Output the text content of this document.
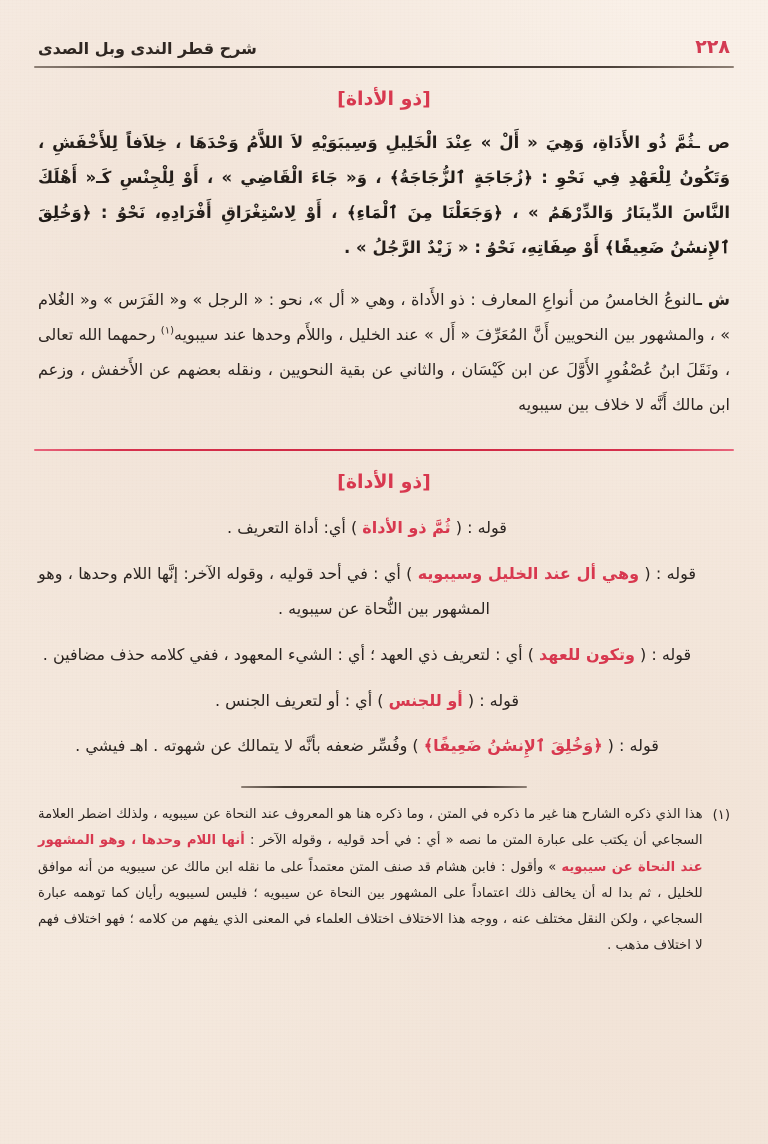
شرح قطر الندى وبل الصدى	٢٢٨
[ذو الأداة]
ص ـثُمَّ ذُو الأَدَاةِ، وَهِيَ « أَلْ » عِنْدَ الْخَلِيلِ وَسِيبَوَيْهِ لاَ اللاَّمُ وَحْدَهَا ، خِلاَفاً لِلأَخْفَشِ ، وَتَكُونُ لِلْعَهْدِ فِي نَحْوِ : ﴿زُجَاجَةٍ ٱلزُّجَاجَةُ﴾ ، وَ« جَاءَ الْقَاضِي » ، أَوْ لِلْجِنْسِ كَـ« أَهْلَكَ النَّاسَ الدِّينَارُ وَالدِّرْهَمُ » ، ﴿وَجَعَلْنَا مِنَ ٱلْمَاءِ﴾ ، أَوْ لِاسْتِغْرَاقِ أَفْرَادِهِ، نَحْوُ : ﴿وَخُلِقَ ٱلإِنسَٰنُ ضَعِيفًا﴾ أَوْ صِفَاتِهِ، نَحْوُ : « زَيْدٌ الرَّجُلُ » .
ش ـالنوعُ الخامسُ من أنواعِ المعارف : ذو الأَداة ، وهي « أل »، نحو : « الرجل » و« الفَرَس » و« الغُلام » ، والمشهور بين النحويين أَنَّ المُعَرِّفَ « أَل » عند الخليل ، واللأَم وحدها عند سيبويه$^{(١)}$ رحمهما الله تعالى ، ونَقَلَ ابنُ عُصْفُورٍ الأَوَّلَ عن ابن كَيْسَان ، والثاني عن بقية النحويين ، ونقله بعضهم عن الأَخفش ، وزعم ابن مالك أَنَّه لا خلاف بين سيبويه
[ذو الأداة]
قوله : ( ثُمَّ ذو الأداة ) أي: أداة التعريف .
قوله : ( وهي أل عند الخليل وسيبويه ) أي : في أحد قوليه ، وقوله الآخر: إنَّها اللام وحدها ، وهو المشهور بين النُّحاة عن سيبويه .
قوله : ( وتكون للعهد ) أي : لتعريف ذي العهد ؛ أي : الشيء المعهود ، ففي كلامه حذف مضافين .
قوله : ( أو للجنس ) أي : أو لتعريف الجنس .
قوله : ( ﴿وَخُلِقَ ٱلإِنسَٰنُ ضَعِيفًا﴾ ) وفُسِّر ضعفه بأنَّه لا يتمالك عن شهوته . اهـ فيشي .
(١)
هذا الذي ذكره الشارح هنا غير ما ذكره في المتن ، وما ذكره هنا هو المعروف عند النحاة عن سيبويه ، ولذلك اضطر العلامة السجاعي أن يكتب على عبارة المتن ما نصه « أي : في أحد قوليه ، وقوله الآخر : أنها اللام وحدها ، وهو المشهور عند النحاة عن سيبويه » وأقول : فابن هشام قد صنف المتن معتمداً على ما نقله ابن مالك عن سيبويه من أنه موافق للخليل ، ثم بدا له أن يخالف ذلك اعتماداً على المشهور بين النحاة عن سيبويه ؛ فليس لسيبويه رأيان كما توهمه عبارة السجاعي ، ولكن النقل مختلف عنه ، ووجه هذا الاختلاف اختلاف العلماء في المعنى الذي يفهم من كلامه ؛ فهو اختلاف فهم لا اختلاف مذهب .
